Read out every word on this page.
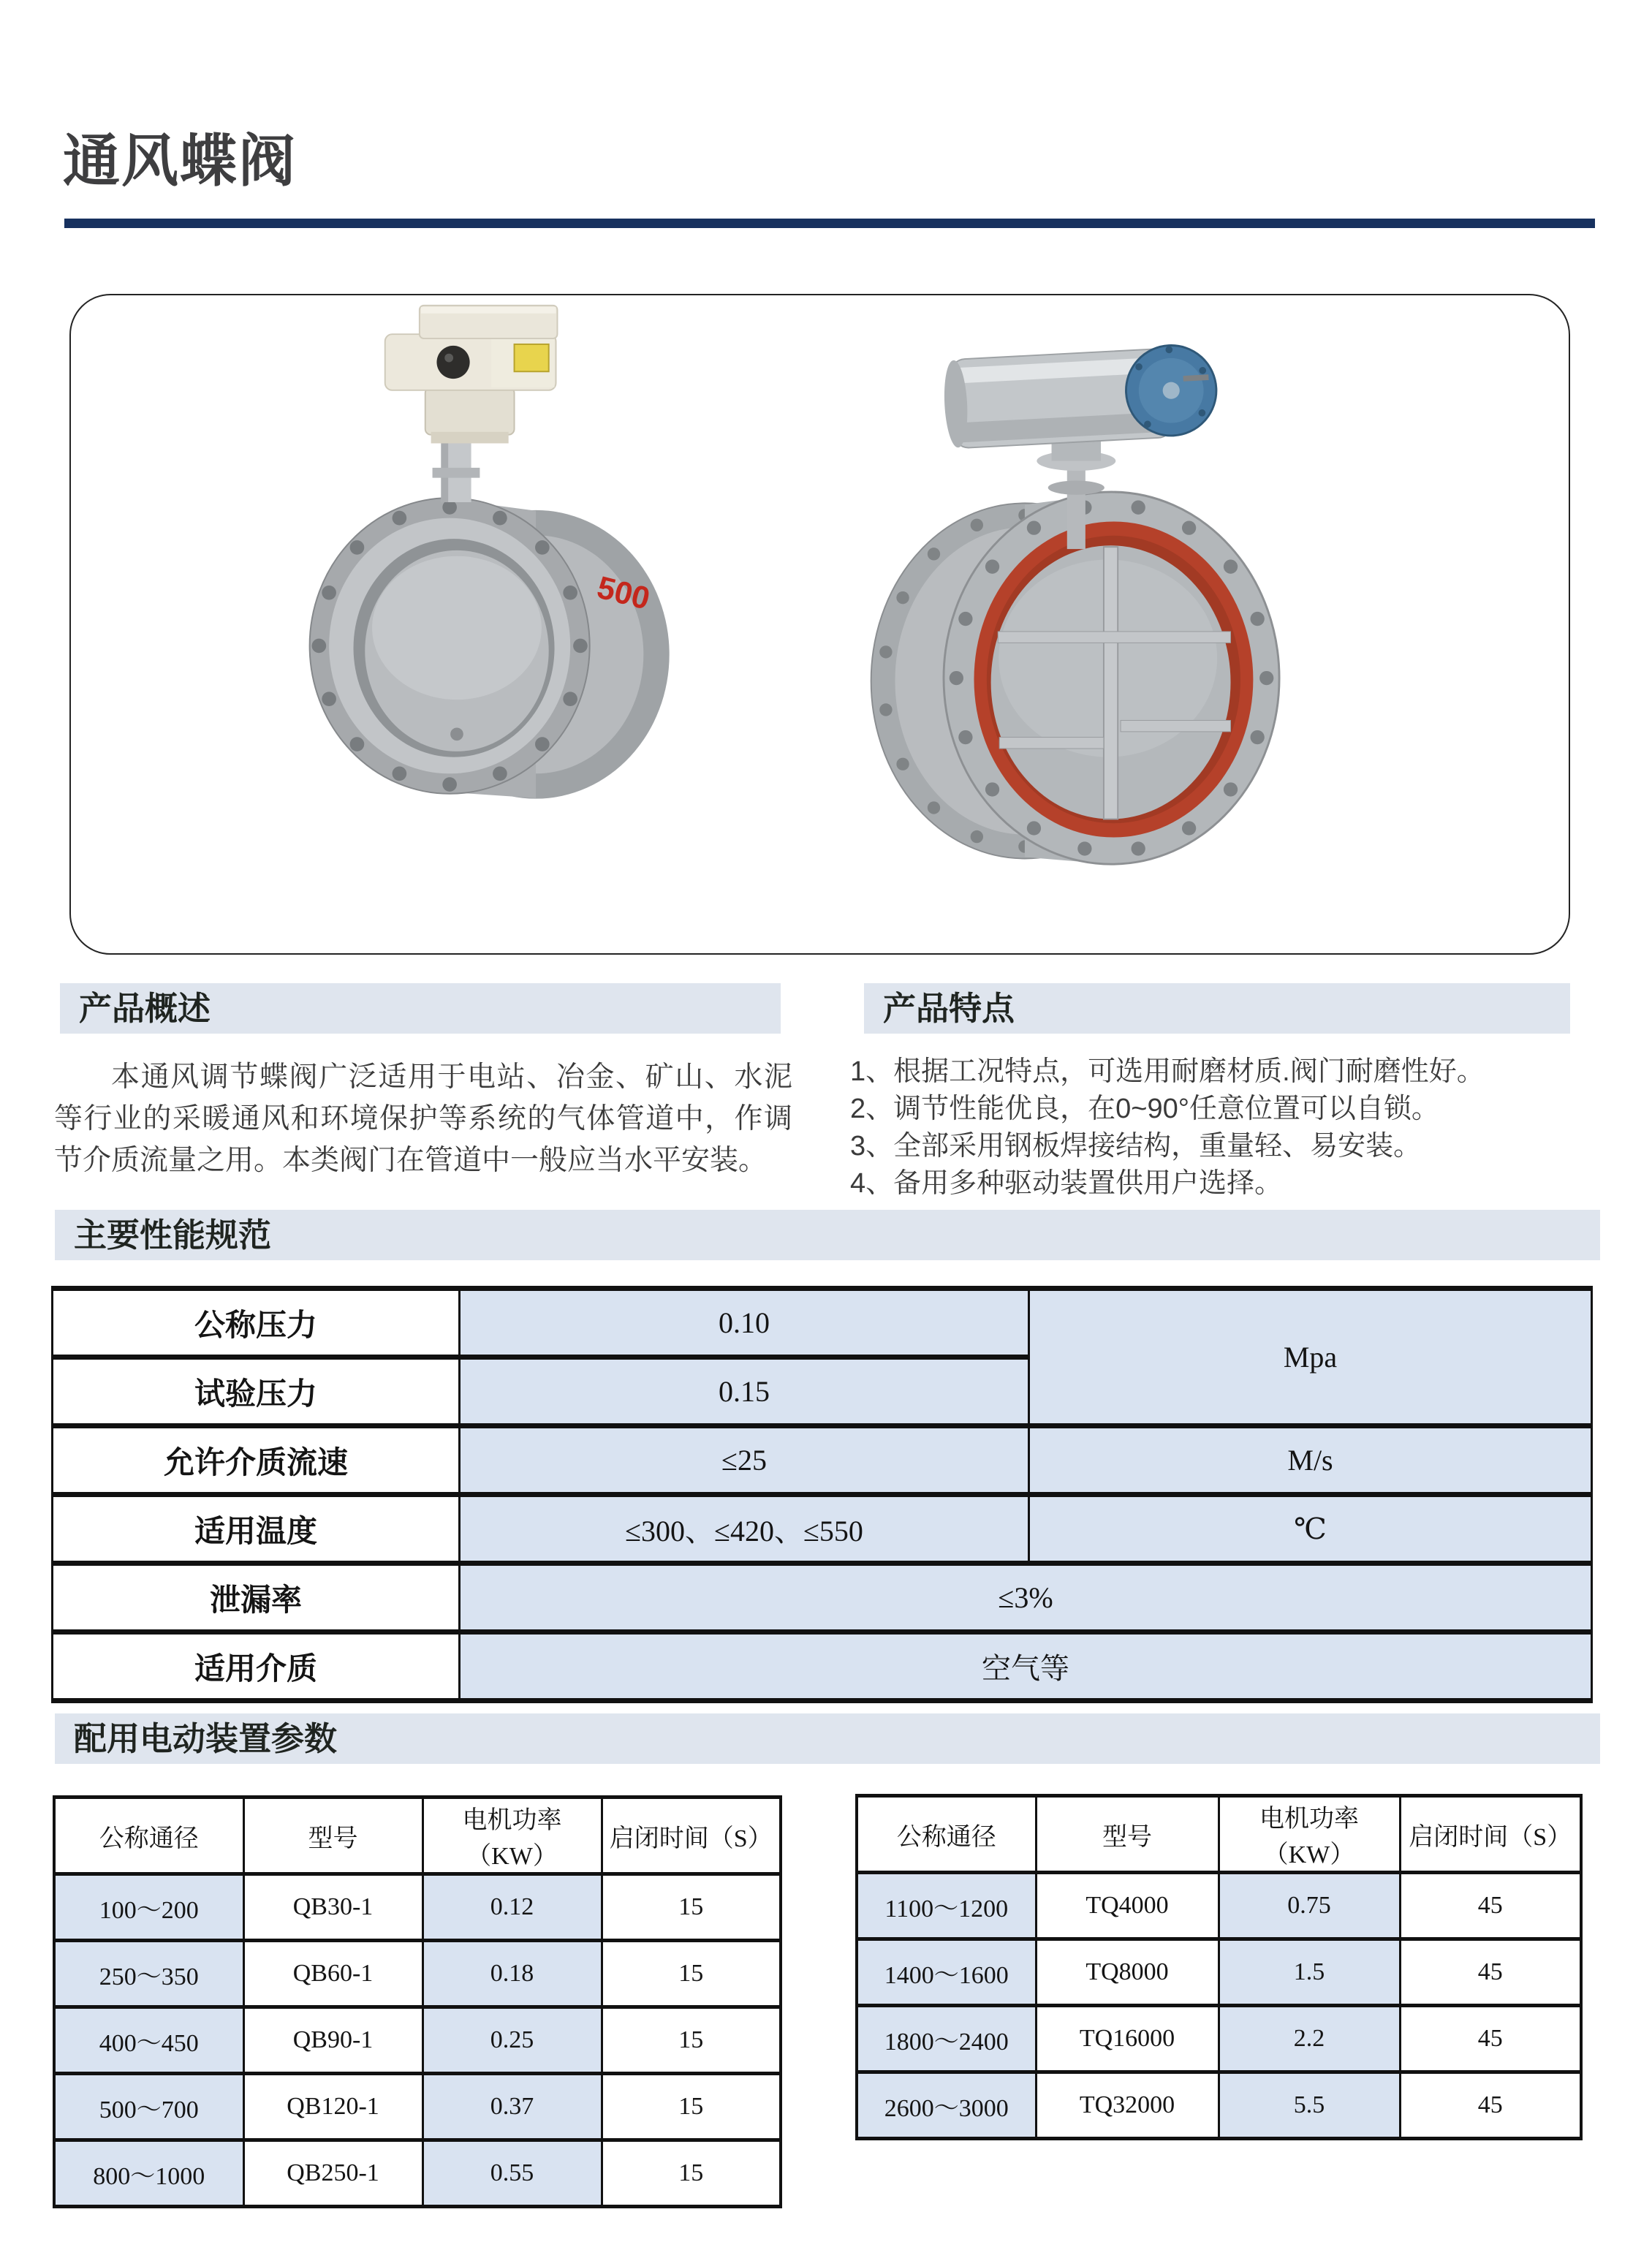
通风蝶阀
500
产品概述	产品特点
本通风调节蝶阀广泛适用于电站、冶金、矿山、水泥等行业的采暖通风和环境保护等系统的气体管道中，作调节介质流量之用。本类阀门在管道中一般应当水平安装。
1、根据工况特点，可选用耐磨材质.阀门耐磨性好。
2、调节性能优良，在0~90°任意位置可以自锁。
3、全部采用钢板焊接结构，重量轻、易安装。
4、备用多种驱动装置供用户选择。
主要性能规范
公称压力	0.10	Mpa
试验压力	0.15	
允许介质流速	≤25	M/s
适用温度	≤300、≤420、≤550	℃
泄漏率	≤3%	
适用介质	空气等	
配用电动装置参数
公称通径	型号	电机功率（KW）	启闭时间（S）
100～200	QB30-1	0.12	15
250～350	QB60-1	0.18	15
400～450	QB90-1	0.25	15
500～700	QB120-1	0.37	15
800～1000	QB250-1	0.55	15
公称通径	型号	电机功率（KW）	启闭时间（S）
1100～1200	TQ4000	0.75	45
1400～1600	TQ8000	1.5	45
1800～2400	TQ16000	2.2	45
2600～3000	TQ32000	5.5	45
